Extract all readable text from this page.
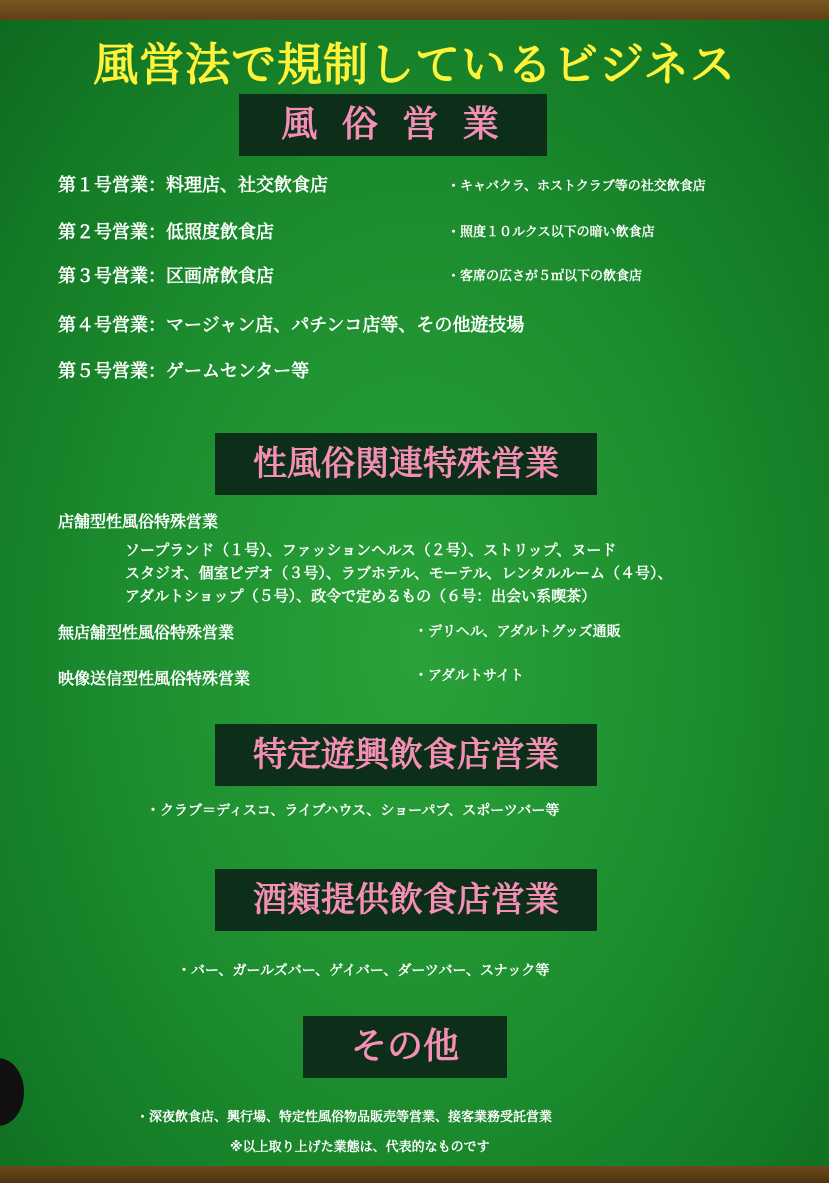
風営法で規制しているビジネス
風 俗 営 業
第１号営業：料理店、社交飲食店	・キャバクラ、ホストクラブ等の社交飲食店
第２号営業：低照度飲食店	・照度１０ルクス以下の暗い飲食店
第３号営業：区画席飲食店	・客席の広さが５㎡以下の飲食店
第４号営業：マージャン店、パチンコ店等、その他遊技場
第５号営業：ゲームセンター等
性風俗関連特殊営業
店舗型性風俗特殊営業
ソープランド（１号）、ファッションヘルス（２号）、ストリップ、ヌード
スタジオ、個室ビデオ（３号）、ラブホテル、モーテル、レンタルルーム（４号）、
アダルトショップ（５号）、政令で定めるもの（６号：出会い系喫茶）
無店舗型性風俗特殊営業	・デリヘル、アダルトグッズ通販
映像送信型性風俗特殊営業	・アダルトサイト
特定遊興飲食店営業
・クラブ＝ディスコ、ライブハウス、ショーパブ、スポーツバー等
酒類提供飲食店営業
・バー、ガールズバー、ゲイバー、ダーツバー、スナック等
その他
・深夜飲食店、興行場、特定性風俗物品販売等営業、接客業務受託営業
※以上取り上げた業態は、代表的なものです
